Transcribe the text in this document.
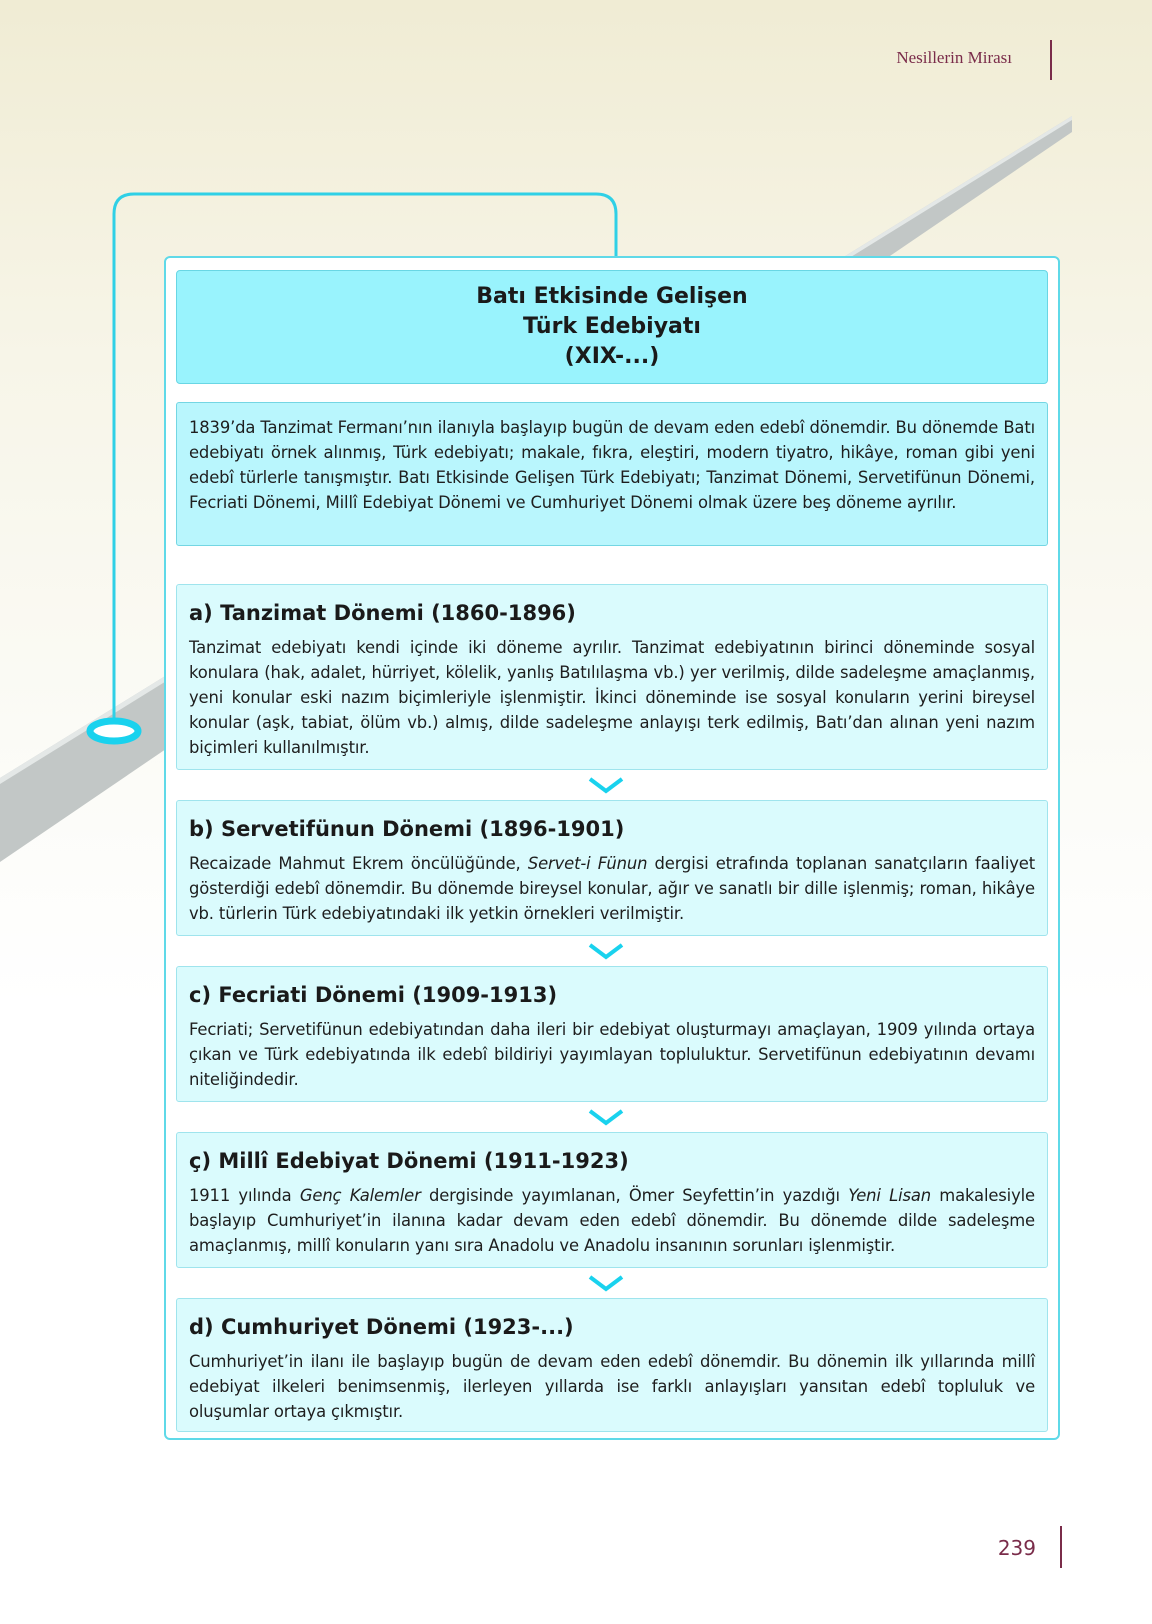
Nesillerin Mirası
Batı Etkisinde Gelişen
Türk Edebiyatı
(XIX-...)
1839’da Tanzimat Fermanı’nın ilanıyla başlayıp bugün de devam eden edebî dönemdir. Bu dönemde Batı edebiyatı örnek alınmış, Türk edebiyatı; makale, fıkra, eleştiri, modern tiyatro, hikâye, roman gibi yeni edebî türlerle tanışmıştır. Batı Etkisinde Gelişen Türk Edebiyatı; Tanzimat Dönemi, Servetifünun Dönemi, Fecriati Dönemi, Millî Edebiyat Dönemi ve Cumhuriyet Dönemi olmak üzere beş döneme ayrılır.
a) Tanzimat Dönemi (1860-1896)
Tanzimat edebiyatı kendi içinde iki döneme ayrılır. Tanzimat edebiyatının birinci döneminde sosyal konulara (hak, adalet, hürriyet, kölelik, yanlış Batılılaşma vb.) yer verilmiş, dilde sadeleşme amaçlanmış, yeni konular eski nazım biçimleriyle işlenmiştir. İkinci döneminde ise sosyal konuların yerini bireysel konular (aşk, tabiat, ölüm vb.) almış, dilde sadeleşme anlayışı terk edilmiş, Batı’dan alınan yeni nazım biçimleri kullanılmıştır.
b) Servetifünun Dönemi (1896-1901)
Recaizade Mahmut Ekrem öncülüğünde, Servet-i Fünun dergisi etrafında toplanan sanatçıların faaliyet gösterdiği edebî dönemdir. Bu dönemde bireysel konular, ağır ve sanatlı bir dille işlenmiş; roman, hikâye vb. türlerin Türk edebiyatındaki ilk yetkin örnekleri verilmiştir.
c) Fecriati Dönemi (1909-1913)
Fecriati; Servetifünun edebiyatından daha ileri bir edebiyat oluşturmayı amaçlayan, 1909 yılında ortaya çıkan ve Türk edebiyatında ilk edebî bildiriyi yayımlayan topluluktur. Servetifünun edebiyatının devamı niteliğindedir.
ç) Millî Edebiyat Dönemi (1911-1923)
1911 yılında Genç Kalemler dergisinde yayımlanan, Ömer Seyfettin’in yazdığı Yeni Lisan makalesiyle başlayıp Cumhuriyet’in ilanına kadar devam eden edebî dönemdir. Bu dönemde dilde sadeleşme amaçlanmış, millî konuların yanı sıra Anadolu ve Anadolu insanının sorunları işlenmiştir.
d) Cumhuriyet Dönemi (1923-...)
Cumhuriyet’in ilanı ile başlayıp bugün de devam eden edebî dönemdir. Bu dönemin ilk yıllarında millî edebiyat ilkeleri benimsenmiş, ilerleyen yıllarda ise farklı anlayışları yansıtan edebî topluluk ve oluşumlar ortaya çıkmıştır.
239
